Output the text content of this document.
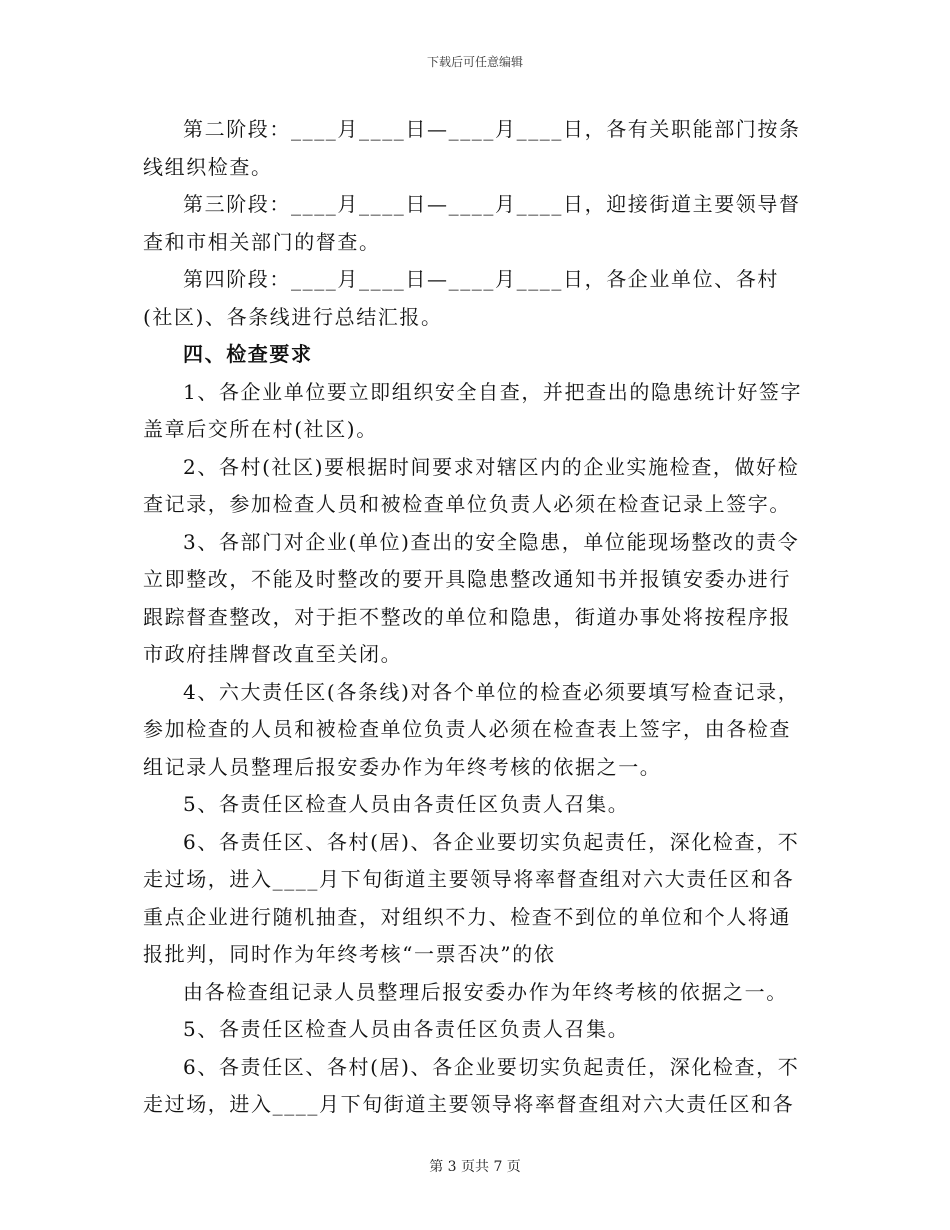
下载后可任意编辑

第二阶段：____月____日—____月____日，各有关职能部门按条线组织检查。

第三阶段：____月____日—____月____日，迎接街道主要领导督查和市相关部门的督查。

第四阶段：____月____日—____月____日，各企业单位、各村(社区)、各条线进行总结汇报。

四、检查要求

1、各企业单位要立即组织安全自查，并把查出的隐患统计好签字盖章后交所在村(社区)。

2、各村(社区)要根据时间要求对辖区内的企业实施检查，做好检查记录，参加检查人员和被检查单位负责人必须在检查记录上签字。

3、各部门对企业(单位)查出的安全隐患，单位能现场整改的责令立即整改，不能及时整改的要开具隐患整改通知书并报镇安委办进行跟踪督查整改，对于拒不整改的单位和隐患，街道办事处将按程序报市政府挂牌督改直至关闭。

4、六大责任区(各条线)对各个单位的检查必须要填写检查记录，参加检查的人员和被检查单位负责人必须在检查表上签字，由各检查组记录人员整理后报安委办作为年终考核的依据之一。

5、各责任区检查人员由各责任区负责人召集。

6、各责任区、各村(居)、各企业要切实负起责任，深化检查，不走过场，进入____月下旬街道主要领导将率督查组对六大责任区和各重点企业进行随机抽查，对组织不力、检查不到位的单位和个人将通报批判，同时作为年终考核“一票否决”的依

由各检查组记录人员整理后报安委办作为年终考核的依据之一。

5、各责任区检查人员由各责任区负责人召集。

6、各责任区、各村(居)、各企业要切实负起责任，深化检查，不走过场，进入____月下旬街道主要领导将率督查组对六大责任区和各

第 3 页共 7 页
